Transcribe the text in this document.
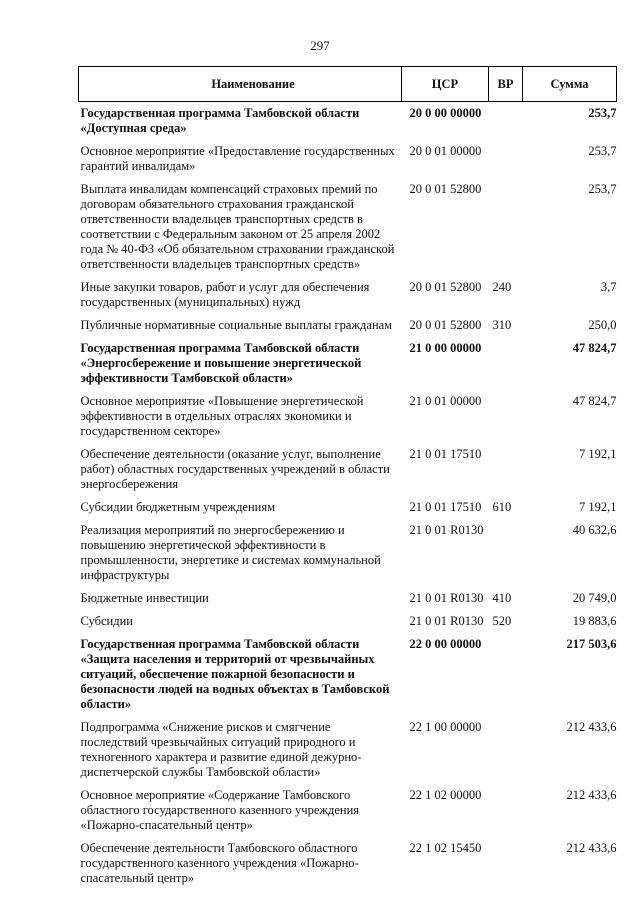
297
Наименование	ЦСР	ВР	Сумма
Государственная программа Тамбовской области «Доступная среда»	20 0 00 00000		253,7
Основное мероприятие «Предоставление государственных гарантий инвалидам»	20 0 01 00000		253,7
Выплата инвалидам компенсаций страховых премий по договорам обязательного страхования гражданской ответственности владельцев транспортных средств в соответствии с Федеральным законом от 25 апреля 2002 года № 40-ФЗ «Об обязательном страховании гражданской ответственности владельцев транспортных средств»	20 0 01 52800		253,7
Иные закупки товаров, работ и услуг для обеспечения государственных (муниципальных) нужд	20 0 01 52800	240	3,7
Публичные нормативные социальные выплаты гражданам	20 0 01 52800	310	250,0
Государственная программа Тамбовской области «Энергосбережение и повышение энергетической эффективности Тамбовской области»	21 0 00 00000		47 824,7
Основное мероприятие «Повышение энергетической эффективности в отдельных отраслях экономики и государственном секторе»	21 0 01 00000		47 824,7
Обеспечение деятельности (оказание услуг, выполнение работ) областных государственных учреждений в области энергосбережения	21 0 01 17510		7 192,1
Субсидии бюджетным учреждениям	21 0 01 17510	610	7 192,1
Реализация мероприятий по энергосбережению и повышению энергетической эффективности в промышленности, энергетике и системах коммунальной инфраструктуры	21 0 01 R0130		40 632,6
Бюджетные инвестиции	21 0 01 R0130	410	20 749,0
Субсидии	21 0 01 R0130	520	19 883,6
Государственная программа Тамбовской области «Защита населения и территорий от чрезвычайных ситуаций, обеспечение пожарной безопасности и безопасности людей на водных объектах в Тамбовской области»	22 0 00 00000		217 503,6
Подпрограмма «Снижение рисков и смягчение последствий чрезвычайных ситуаций природного и техногенного характера и развитие единой дежурно-диспетчерской службы Тамбовской области»	22 1 00 00000		212 433,6
Основное мероприятие «Содержание Тамбовского областного государственного казенного учреждения «Пожарно-спасательный центр»	22 1 02 00000		212 433,6
Обеспечение деятельности Тамбовского областного государственного казенного учреждения «Пожарно-спасательный центр»	22 1 02 15450		212 433,6
